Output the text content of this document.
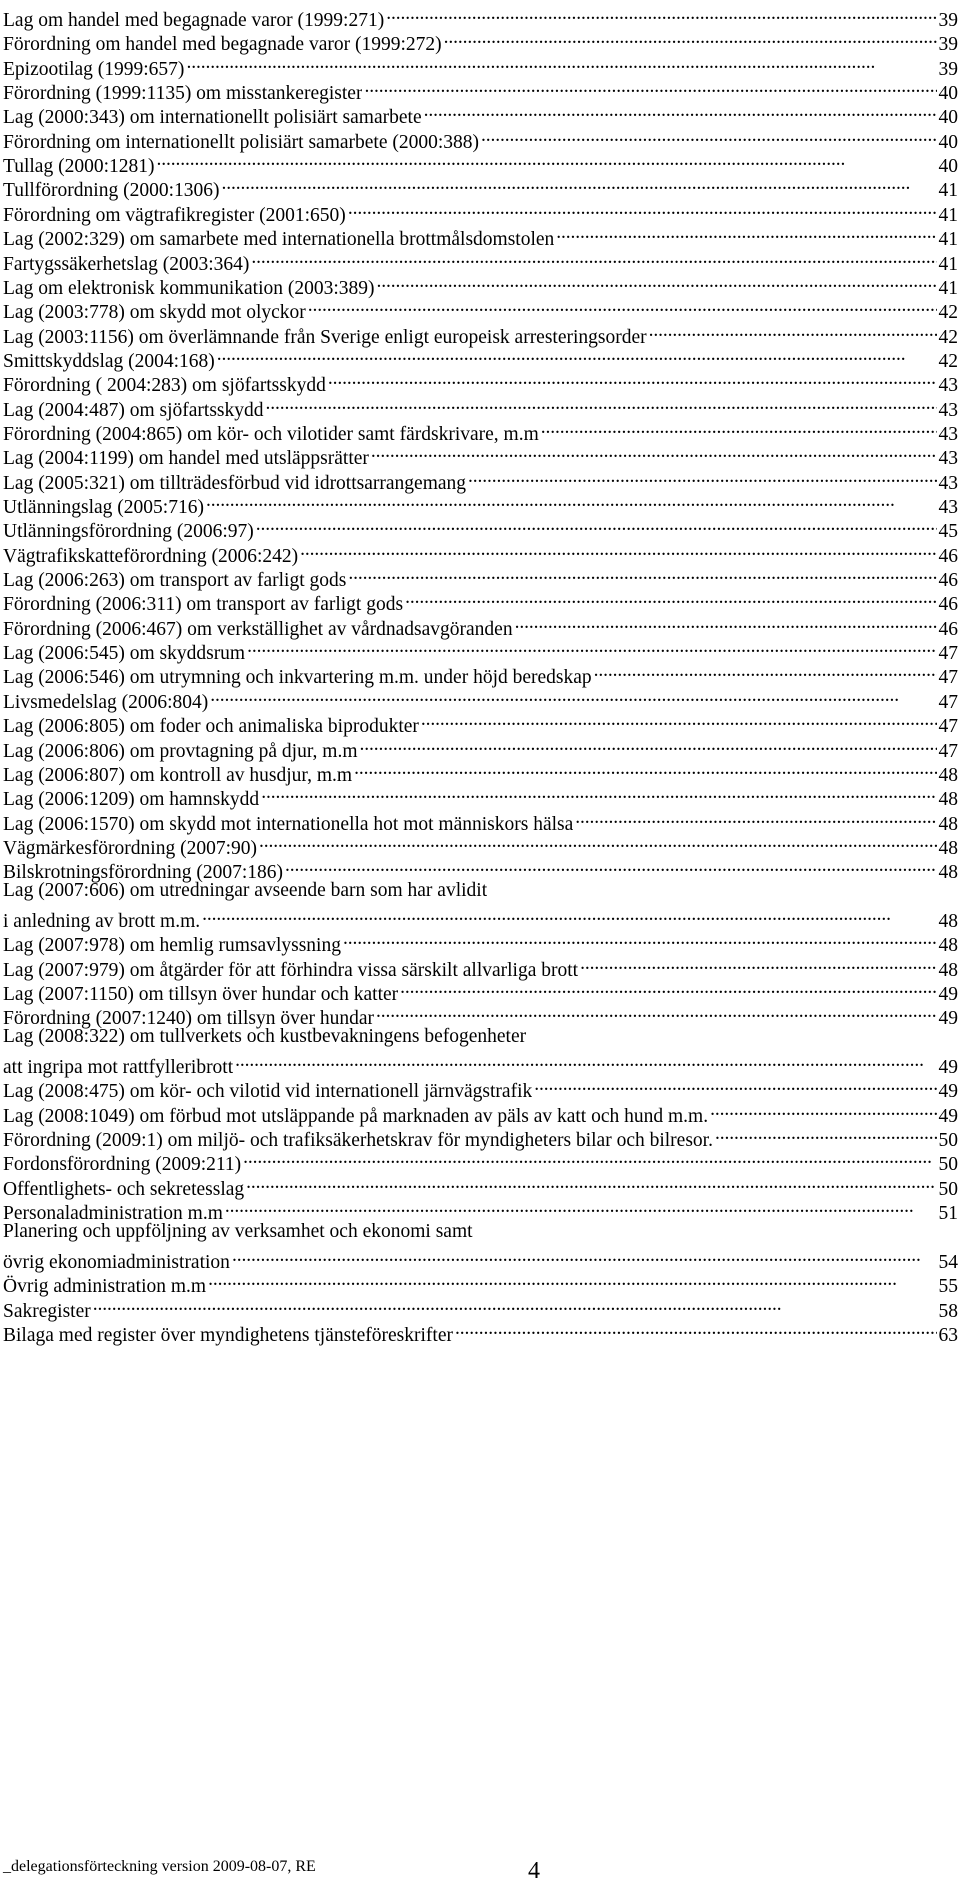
Lag om handel med begagnade varor (1999:271) . . .	39
Förordning om handel med begagnade varor (1999:272) . . .	39
Epizootilag (1999:657) . . .	39
Förordning (1999:1135) om misstankeregister . . .	40
Lag (2000:343) om internationellt polisiärt samarbete . . .	40
Förordning om internationellt polisiärt samarbete (2000:388) . . .	40
Tullag (2000:1281) . . .	40
Tullförordning (2000:1306) . . .	41
Förordning om vägtrafikregister (2001:650) . . .	41
Lag (2002:329) om samarbete med internationella brottmålsdomstolen . . .	41
Fartygssäkerhetslag (2003:364) . . .	41
Lag om elektronisk kommunikation (2003:389) . . .	41
Lag (2003:778) om skydd mot olyckor . . .	42
Lag (2003:1156) om överlämnande från Sverige enligt europeisk arresteringsorder . . .	42
Smittskyddslag (2004:168) . . .	42
Förordning ( 2004:283) om sjöfartsskydd . . .	43
Lag (2004:487) om sjöfartsskydd . . .	43
Förordning (2004:865) om kör- och vilotider samt färdskrivare, m.m . . .	43
Lag (2004:1199) om handel med utsläppsrätter . . .	43
Lag (2005:321) om tillträdesförbud vid idrottsarrangemang . . .	43
Utlänningslag (2005:716) . . .	43
Utlänningsförordning (2006:97) . . .	45
Vägtrafikskatteförordning (2006:242) . . .	46
Lag (2006:263) om transport av farligt gods . . .	46
Förordning (2006:311) om transport av farligt gods . . .	46
Förordning (2006:467) om verkställighet av vårdnadsavgöranden . . .	46
Lag (2006:545) om skyddsrum . . .	47
Lag (2006:546) om utrymning och inkvartering m.m. under höjd beredskap . . .	47
Livsmedelslag (2006:804) . . .	47
Lag (2006:805) om foder och animaliska biprodukter . . .	47
Lag (2006:806) om provtagning på djur, m.m . . .	47
Lag (2006:807) om kontroll av husdjur, m.m . . .	48
Lag (2006:1209) om hamnskydd . . .	48
Lag (2006:1570) om skydd mot internationella hot mot människors hälsa . . .	48
Vägmärkesförordning (2007:90) . . .	48
Bilskrotningsförordning (2007:186) . . .	48
Lag (2007:606) om utredningar avseende barn som har avlidit
i anledning av brott m.m. . . .	48
Lag (2007:978) om hemlig rumsavlyssning . . .	48
Lag (2007:979) om åtgärder för att förhindra vissa särskilt allvarliga brott . . .	48
Lag (2007:1150) om tillsyn över hundar och katter . . .	49
Förordning (2007:1240) om tillsyn över hundar . . .	49
Lag (2008:322) om tullverkets och kustbevakningens befogenheter
att ingripa mot rattfylleribrott . . .	49
Lag (2008:475) om kör- och vilotid vid internationell järnvägstrafik . . .	49
Lag (2008:1049) om förbud mot utsläppande på marknaden av päls av katt och hund m.m. . . .	49
Förordning (2009:1) om miljö- och trafiksäkerhetskrav för myndigheters bilar och bilresor. . . .	50
Fordonsförordning (2009:211) . . .	50
Offentlighets- och sekretesslag . . .	50
Personaladministration m.m . . .	51
Planering och uppföljning av verksamhet och ekonomi samt
övrig ekonomiadministration . . .	54
Övrig administration m.m . . .	55
Sakregister . . .	58
Bilaga med register över myndighetens tjänsteföreskrifter . . .	63
_delegationsförteckning version 2009-08-07, RE	4
